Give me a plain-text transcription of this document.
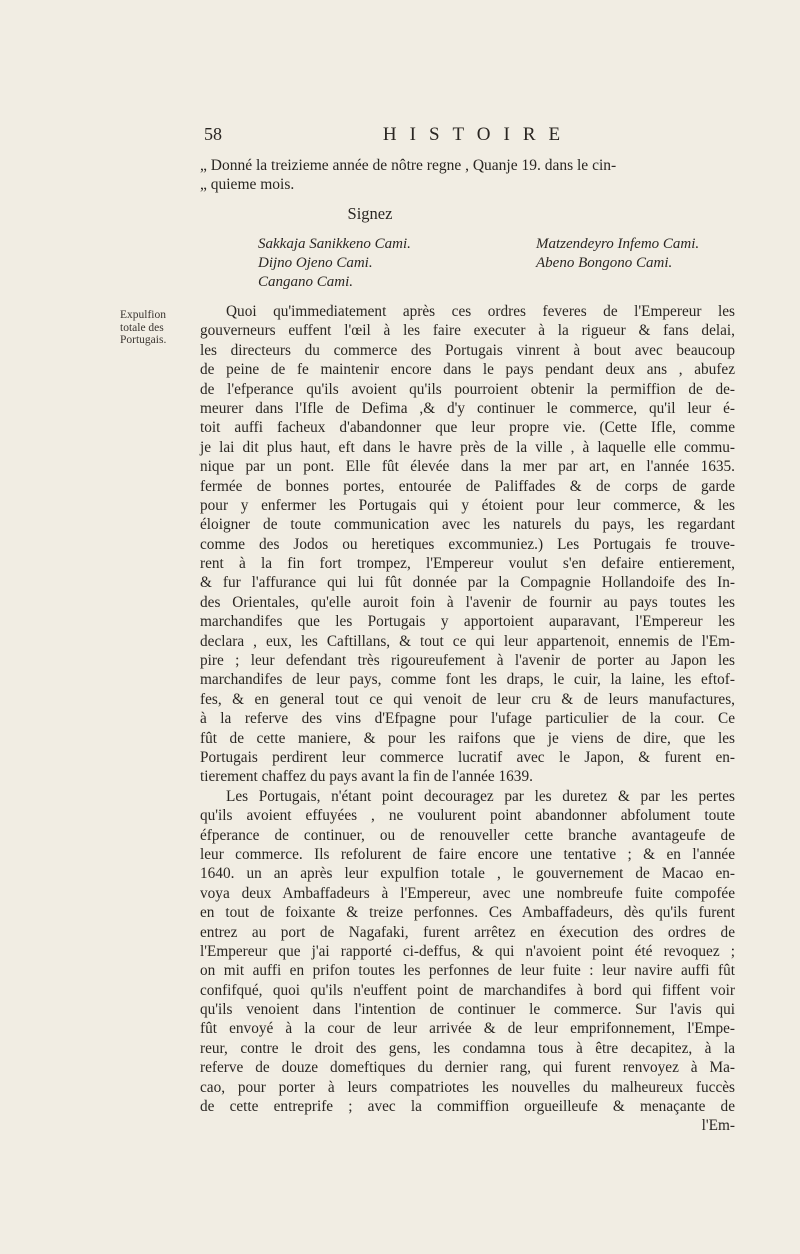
58	HISTOIRE
„ Donné la treizieme année de nôtre regne , Quanje 19. dans le cin-
„ quieme mois.
Signez
Sakkaja Sanikkeno Cami.
Dijno Ojeno Cami.
Cangano Cami.
Matzendeyro Infemo Cami.
Abeno Bongono Cami.
Expulfion
totale des
Portugais.
Quoi qu'immediatement après ces ordres feveres de l'Empereur les
gouverneurs euffent l'œil à les faire executer à la rigueur & fans delai,
les directeurs du commerce des Portugais vinrent à bout avec beaucoup
de peine de fe maintenir encore dans le pays pendant deux ans , abufez
de l'efperance qu'ils avoient qu'ils pourroient obtenir la permiffion de de-
meurer dans l'Ifle de Defima ,& d'y continuer le commerce, qu'il leur é-
toit auffi facheux d'abandonner que leur propre vie. (Cette Ifle, comme
je lai dit plus haut, eft dans le havre près de la ville , à laquelle elle commu-
nique par un pont. Elle fût élevée dans la mer par art, en l'année 1635.
fermée de bonnes portes, entourée de Paliffades & de corps de garde
pour y enfermer les Portugais qui y étoient pour leur commerce, & les
éloigner de toute communication avec les naturels du pays, les regardant
comme des Jodos ou heretiques excommuniez.) Les Portugais fe trouve-
rent à la fin fort trompez, l'Empereur voulut s'en defaire entierement,
& fur l'affurance qui lui fût donnée par la Compagnie Hollandoife des In-
des Orientales, qu'elle auroit foin à l'avenir de fournir au pays toutes les
marchandifes que les Portugais y apportoient auparavant, l'Empereur les
declara , eux, les Caftillans, & tout ce qui leur appartenoit, ennemis de l'Em-
pire ; leur defendant très rigoureufement à l'avenir de porter au Japon les
marchandifes de leur pays, comme font les draps, le cuir, la laine, les eftof-
fes, & en general tout ce qui venoit de leur cru & de leurs manufactures,
à la referve des vins d'Efpagne pour l'ufage particulier de la cour. Ce
fût de cette maniere, & pour les raifons que je viens de dire, que les
Portugais perdirent leur commerce lucratif avec le Japon, & furent en-
tierement chaffez du pays avant la fin de l'année 1639.
Les Portugais, n'étant point decouragez par les duretez & par les pertes
qu'ils avoient effuyées , ne voulurent point abandonner abfolument toute
éfperance de continuer, ou de renouveller cette branche avantageufe de
leur commerce. Ils refolurent de faire encore une tentative ; & en l'année
1640. un an après leur expulfion totale , le gouvernement de Macao en-
voya deux Ambaffadeurs à l'Empereur, avec une nombreufe fuite compofée
en tout de foixante & treize perfonnes. Ces Ambaffadeurs, dès qu'ils furent
entrez au port de Nagafaki, furent arrêtez en éxecution des ordres de
l'Empereur que j'ai rapporté ci-deffus, & qui n'avoient point été revoquez ;
on mit auffi en prifon toutes les perfonnes de leur fuite : leur navire auffi fût
confifqué, quoi qu'ils n'euffent point de marchandifes à bord qui fiffent voir
qu'ils venoient dans l'intention de continuer le commerce. Sur l'avis qui
fût envoyé à la cour de leur arrivée & de leur emprifonnement, l'Empe-
reur, contre le droit des gens, les condamna tous à être decapitez, à la
referve de douze domeftiques du dernier rang, qui furent renvoyez à Ma-
cao, pour porter à leurs compatriotes les nouvelles du malheureux fuccès
de cette entreprife ; avec la commiffion orgueilleufe & menaçante de
l'Em-
